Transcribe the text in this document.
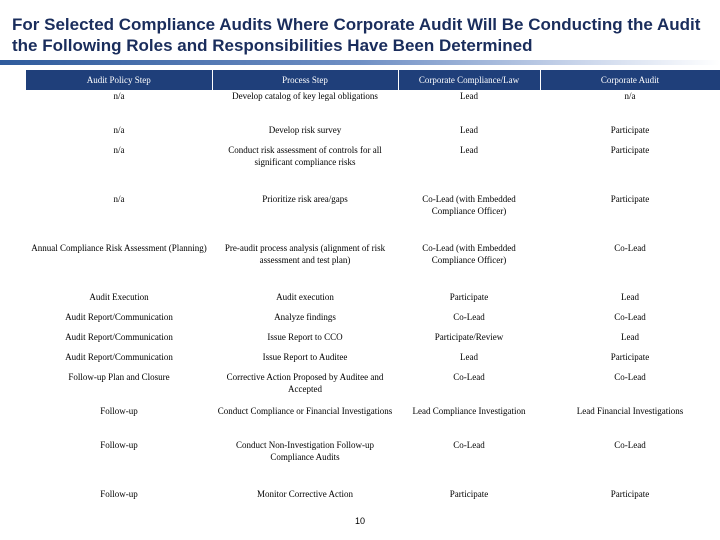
For Selected Compliance Audits Where Corporate Audit Will Be Conducting the Audit the Following Roles and Responsibilities Have Been Determined
Audit Policy Step	Process Step	Corporate Compliance/Law	Corporate Audit
n/a	Develop catalog of key legal obligations	Lead	n/a
n/a	Develop risk survey	Lead	Participate
n/a	Conduct risk assessment of controls for all significant compliance risks	Lead	Participate
n/a	Prioritize risk area/gaps	Co-Lead (with Embedded Compliance Officer)	Participate
Annual Compliance Risk Assessment (Planning)	Pre-audit process analysis (alignment of risk assessment and test plan)	Co-Lead (with Embedded Compliance Officer)	Co-Lead
Audit Execution	Audit execution	Participate	Lead
Audit Report/Communication	Analyze findings	Co-Lead	Co-Lead
Audit Report/Communication	Issue Report to CCO	Participate/Review	Lead
Audit Report/Communication	Issue Report to Auditee	Lead	Participate
Follow-up Plan and Closure	Corrective Action Proposed by Auditee and Accepted	Co-Lead	Co-Lead
Follow-up	Conduct Compliance or Financial Investigations	Lead Compliance Investigation	Lead Financial Investigations
Follow-up	Conduct Non-Investigation Follow-up Compliance Audits	Co-Lead	Co-Lead
Follow-up	Monitor Corrective Action	Participate	Participate
10
